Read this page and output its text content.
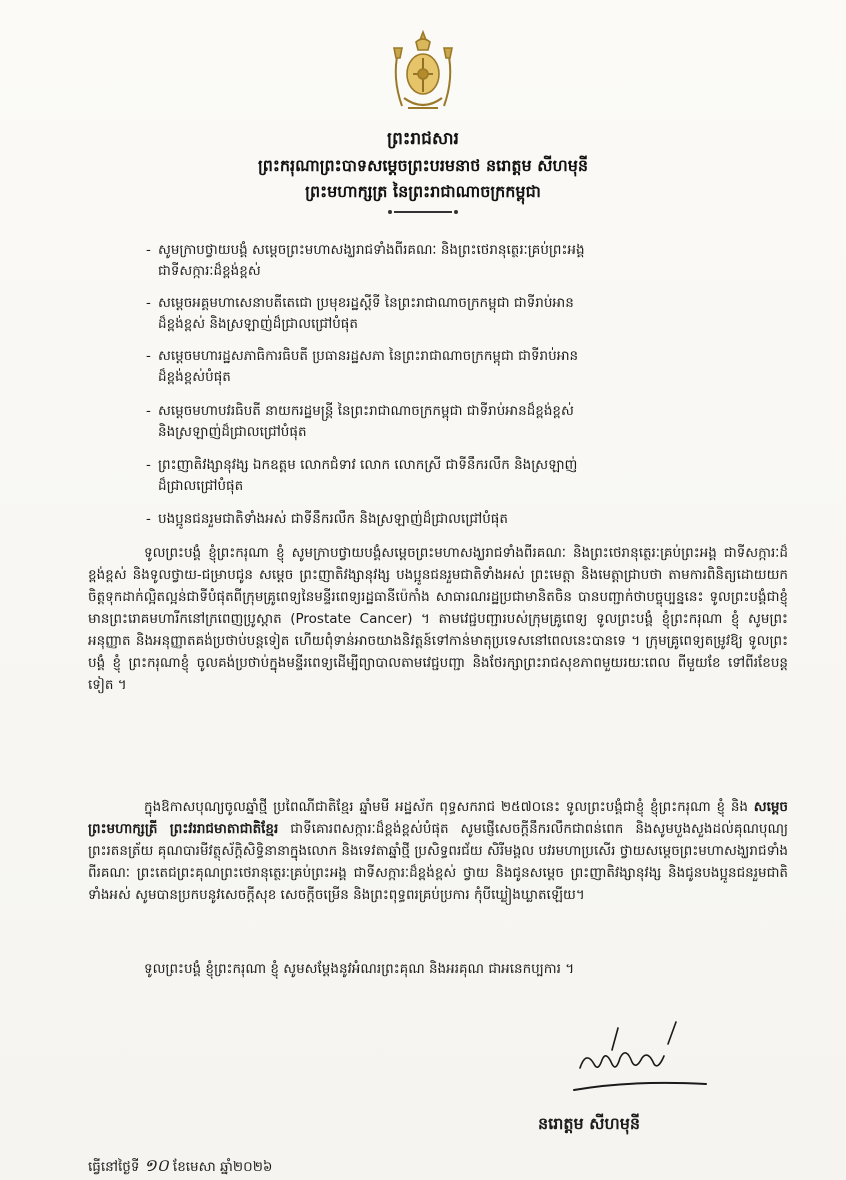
ព្រះរាជសារ
ព្រះករុណាព្រះបាទសម្តេចព្រះបរមនាថ នរោត្តម សីហមុនី
ព្រះមហាក្សត្រ នៃព្រះរាជាណាចក្រកម្ពុជា
- សូមក្រាបថ្វាយបង្គំ សម្តេចព្រះមហាសង្ឃរាជទាំងពីរគណៈ និងព្រះថេរានុត្ថេរៈគ្រប់ព្រះអង្គ
ជាទីសក្ការៈដ៏ខ្ពង់ខ្ពស់
- សម្តេចអគ្គមហាសេនាបតីតេជោ ប្រមុខរដ្ឋស្តីទី នៃព្រះរាជាណាចក្រកម្ពុជា ជាទីរាប់អាន
ដ៏ខ្ពង់ខ្ពស់ និងស្រឡាញ់ដ៏ជ្រាលជ្រៅបំផុត
- សម្តេចមហារដ្ឋសភាធិការធិបតី ប្រធានរដ្ឋសភា នៃព្រះរាជាណាចក្រកម្ពុជា ជាទីរាប់អាន
ដ៏ខ្ពង់ខ្ពស់បំផុត
- សម្តេចមហាបវរធិបតី នាយករដ្ឋមន្ត្រី នៃព្រះរាជាណាចក្រកម្ពុជា ជាទីរាប់អានដ៏ខ្ពង់ខ្ពស់
និងស្រឡាញ់ដ៏ជ្រាលជ្រៅបំផុត
- ព្រះញាតិវង្សានុវង្ស ឯកឧត្តម លោកជំទាវ លោក លោកស្រី ជាទីនឹករលឹក និងស្រឡាញ់
ដ៏ជ្រាលជ្រៅបំផុត
- បងប្អូនជនរួមជាតិទាំងអស់ ជាទីនឹករលឹក និងស្រឡាញ់ដ៏ជ្រាលជ្រៅបំផុត
ទូលព្រះបង្គំ ខ្ញុំព្រះករុណា ខ្ញុំ សូមក្រាបថ្វាយបង្គំសម្តេចព្រះមហាសង្ឃរាជទាំងពីរគណៈ និងព្រះថេរានុត្ថេរៈគ្រប់ព្រះអង្គ ជាទីសក្ការៈដ៏ខ្ពង់ខ្ពស់ និងទូលថ្វាយ-ជម្រាបជូន សម្តេច ព្រះញាតិវង្សានុវង្ស បងប្អូនជនរួមជាតិទាំងអស់ ព្រះមេត្តា និងមេត្តាជ្រាបថា តាមការពិនិត្យដោយយកចិត្តទុកដាក់ល្អិតល្អន់ជាទីបំផុតពីក្រុមគ្រូពេទ្យនៃមន្ទីរពេទ្យរដ្ឋធានីប៉េកាំង សាធារណរដ្ឋប្រជាមានិតចិន បានបញ្ជាក់ថាបច្ចុប្បន្ននេះ ទូលព្រះបង្គំជាខ្ញុំ មានព្រះរោគមហារីកនៅក្រពេញប្រូស្តាត (Prostate Cancer) ។ តាមវេជ្ជបញ្ជារបស់ក្រុមគ្រូពេទ្យ ទូលព្រះបង្គំ ខ្ញុំព្រះករុណា ខ្ញុំ សូមព្រះអនុញ្ញាត និងអនុញ្ញាតគង់ប្រថាប់បន្តទៀត ហើយពុំទាន់អាចយាងនិវត្តន៍ទៅកាន់មាតុប្រទេសនៅពេលនេះបានទេ ។ ក្រុមគ្រូពេទ្យតម្រូវឱ្យ ទូលព្រះបង្គំ ខ្ញុំ ព្រះករុណាខ្ញុំ ចូលគង់ប្រថាប់ក្នុងមន្ទីរពេទ្យដើម្បីព្យាបាលតាមវេជ្ជបញ្ជា និងថែរក្សាព្រះរាជសុខភាពមួយរយៈពេល ពីមួយខែ ទៅពីរខែបន្តទៀត ។
ក្នុងឱកាសបុណ្យចូលឆ្នាំថ្មី ប្រពៃណីជាតិខ្មែរ ឆ្នាំមមី អដ្ឋស័ក ពុទ្ធសករាជ ២៥៧០នេះ ទូលព្រះបង្គំជាខ្ញុំ ខ្ញុំព្រះករុណា ខ្ញុំ និង សម្តេចព្រះមហាក្សត្រី ព្រះវររាជមាតាជាតិខ្មែរ ជាទីគោរពសក្ការៈដ៏ខ្ពង់ខ្ពស់បំផុត សូមផ្ញើសេចក្តីនឹករលឹកជាពន់ពេក និងសូមបួងសួងដល់គុណបុណ្យព្រះរតនត្រ័យ គុណបារមីវត្ថុស័ក្តិសិទ្ធិនានាក្នុងលោក និងទេវតាឆ្នាំថ្មី ប្រសិទ្ធពរជ័យ សិរីមង្គល បវរមហាប្រសើរ ថ្វាយសម្តេចព្រះមហាសង្ឃរាជទាំងពីរគណៈ ព្រះតេជព្រះគុណព្រះថេរានុត្ថេរៈគ្រប់ព្រះអង្គ ជាទីសក្ការៈដ៏ខ្ពង់ខ្ពស់ ថ្វាយ និងជូនសម្តេច ព្រះញាតិវង្សានុវង្ស និងជូនបងប្អូនជនរួមជាតិទាំងអស់ សូមបានប្រកបនូវសេចក្តីសុខ សេចក្តីចម្រើន និងព្រះពុទ្ធពរគ្រប់ប្រការ កុំបីឃ្លៀងឃ្លាតឡើយ។
ទូលព្រះបង្គំ ខ្ញុំព្រះករុណា ខ្ញុំ សូមសម្តែងនូវអំណរព្រះគុណ និងអរគុណ ជាអនេកប្បការ ។
នរោត្តម សីហមុនី
ធ្វើនៅថ្ងៃទី ១០ ខែមេសា ឆ្នាំ២០២៦
